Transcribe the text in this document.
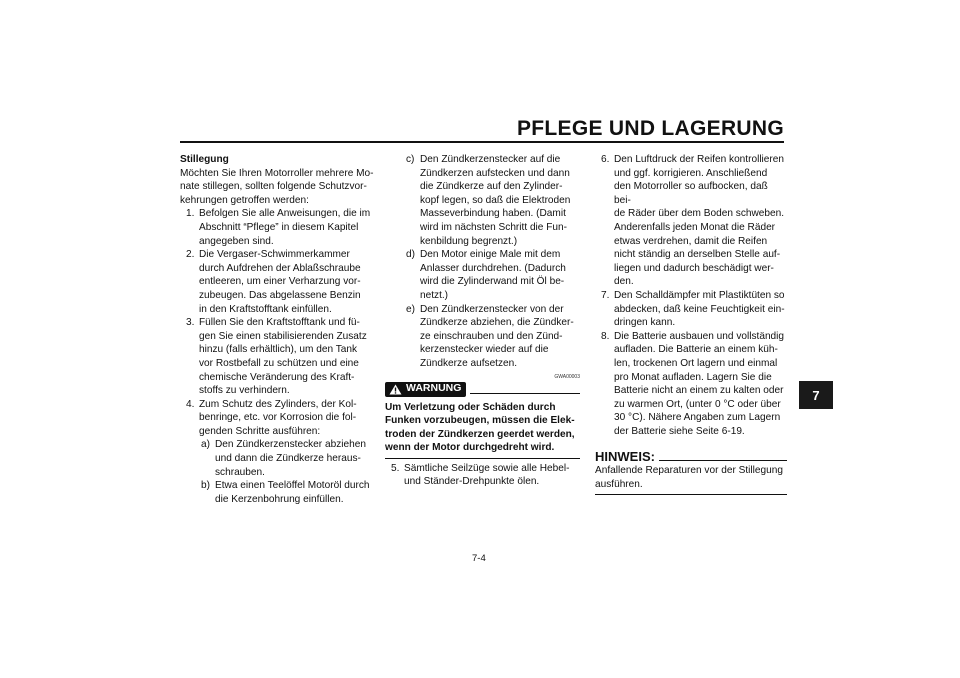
PFLEGE UND LAGERUNG
7

Stillegung

Möchten Sie Ihren Motorroller mehrere Mo-
nate stillegen, sollten folgende Schutzvor-
kehrungen getroffen werden:

1. Befolgen Sie alle Anweisungen, die im
Abschnitt “Pflege” in diesem Kapitel
angegeben sind.
2. Die Vergaser-Schwimmerkammer
durch Aufdrehen der Ablaßschraube
entleeren, um einer Verharzung vor-
zubeugen. Das abgelassene Benzin
in den Kraftstofftank einfüllen.
3. Füllen Sie den Kraftstofftank und fü-
gen Sie einen stabilisierenden Zusatz
hinzu (falls erhältlich), um den Tank
vor Rostbefall zu schützen und eine
chemische Veränderung des Kraft-
stoffs zu verhindern.
4. Zum Schutz des Zylinders, der Kol-
benringe, etc. vor Korrosion die fol-
genden Schritte ausführen:
a) Den Zündkerzenstecker abziehen
und dann die Zündkerze heraus-
schrauben.
b) Etwa einen Teelöffel Motoröl durch
die Kerzenbohrung einfüllen.
c) Den Zündkerzenstecker auf die
Zündkerzen aufstecken und dann
die Zündkerze auf den Zylinder-
kopf legen, so daß die Elektroden
Masseverbindung haben. (Damit
wird im nächsten Schritt die Fun-
kenbildung begrenzt.)
d) Den Motor einige Male mit dem
Anlasser durchdrehen. (Dadurch
wird die Zylinderwand mit Öl be-
netzt.)
e) Den Zündkerzenstecker von der
Zündkerze abziehen, die Zündker-
ze einschrauben und den Zünd-
kerzenstecker wieder auf die
Zündkerze aufsetzen.
GWA00003
WARNUNG

Um Verletzung oder Schäden durch
Funken vorzubeugen, müssen die Elek-
troden der Zündkerzen geerdet werden,
wenn der Motor durchgedreht wird.

5. Sämtliche Seilzüge sowie alle Hebel-
und Ständer-Drehpunkte ölen.
6. Den Luftdruck der Reifen kontrollieren
und ggf. korrigieren. Anschließend
den Motorroller so aufbocken, daß bei-
de Räder über dem Boden schweben.
Anderenfalls jeden Monat die Räder
etwas verdrehen, damit die Reifen
nicht ständig an derselben Stelle auf-
liegen und dadurch beschädigt wer-
den.
7. Den Schalldämpfer mit Plastiktüten so
abdecken, daß keine Feuchtigkeit ein-
dringen kann.
8. Die Batterie ausbauen und vollständig
aufladen. Die Batterie an einem küh-
len, trockenen Ort lagern und einmal
pro Monat aufladen. Lagern Sie die
Batterie nicht an einem zu kalten oder
zu warmen Ort, (unter 0 °C oder über
30 °C). Nähere Angaben zum Lagern
der Batterie siehe Seite 6-19.
HINWEIS:

Anfallende Reparaturen vor der Stillegung
ausführen.

7-4
